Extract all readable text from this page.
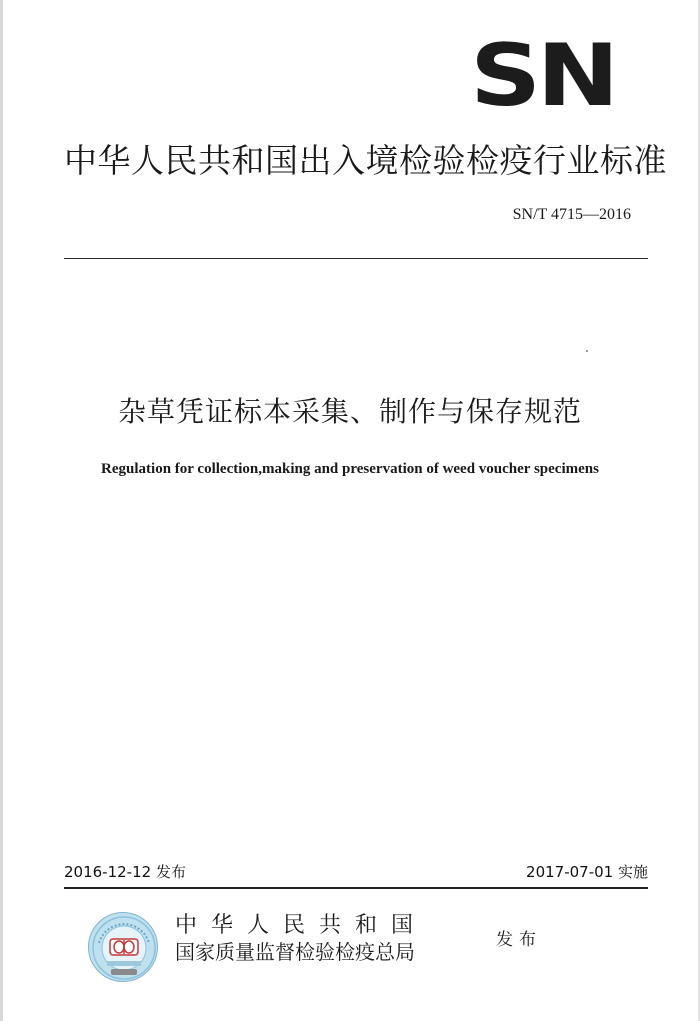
SN
中华人民共和国出入境检验检疫行业标准
SN/T 4715—2016
杂草凭证标本采集、制作与保存规范
Regulation for collection,making and preservation of weed voucher specimens
2016-12-12 发布	2017-07-01 实施
中华人民共和国
国家质量监督检验检疫总局	发布
